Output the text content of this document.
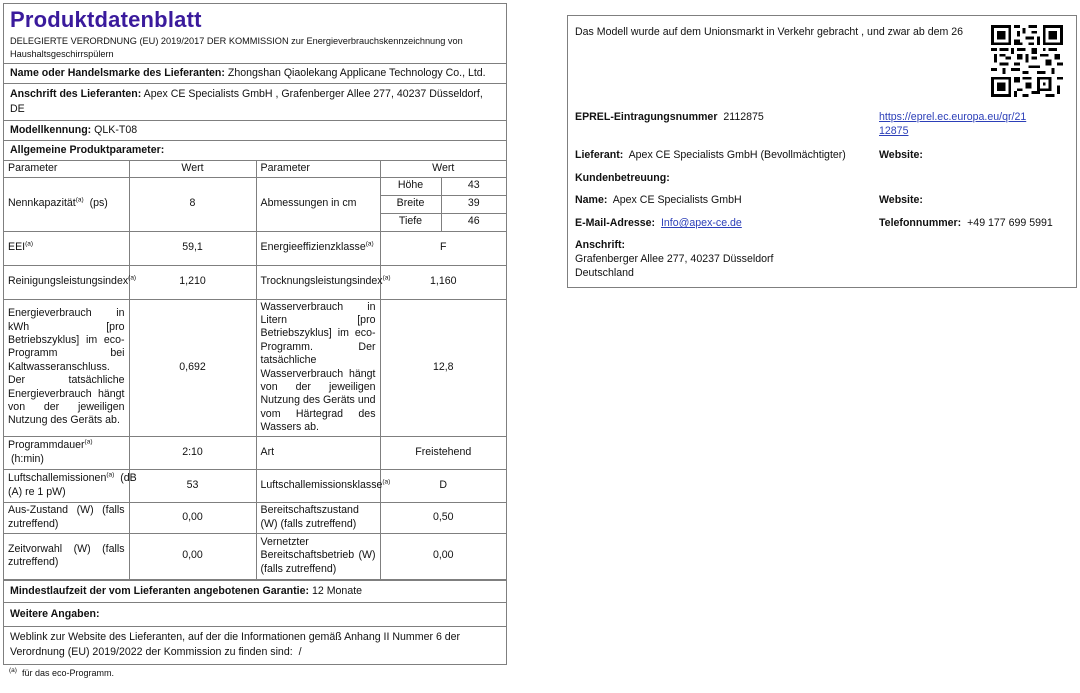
Produktdatenblatt
DELEGIERTE VERORDNUNG (EU) 2019/2017 DER KOMMISSION zur Energieverbrauchskennzeichnung von Haushaltsgeschirrspülern
Name oder Handelsmarke des Lieferanten: Zhongshan Qiaolekang Applicane Technology Co., Ltd.
Anschrift des Lieferanten: Apex CE Specialists GmbH , Grafenberger Allee 277, 40237 Düsseldorf, DE
Modellkennung: QLK-T08
Allgemeine Produktparameter:
Parameter	Wert	Parameter	Wert	
Nennkapazität$^{(a)}$ (ps)	8	Abmessungen in cm	Höhe	43
			Breite	39
			Tiefe	46
EEI$^{(a)}$	59,1	Energieeffizienzklasse$^{(a)}$	F	
Reinigungsleistungsindex$^{(a)}$	1,210	Trocknungsleistungsindex$^{(a)}$	1,160	
Energieverbrauch in kWh [pro Betriebszyklus] im eco-Programm bei Kaltwasseranschluss. Der tatsächliche Energieverbrauch hängt von der jeweiligen Nutzung des Geräts ab.	0,692	Wasserverbrauch in Litern [pro Betriebszyklus] im eco-Programm. Der tatsächliche Wasserverbrauch hängt von der jeweiligen Nutzung des Geräts und vom Härtegrad des Wassers ab.	12,8	
Programmdauer$^{(a)}$
(h:min)	2:10	Art	Freistehend	
Luftschallemissionen$^{(a)}$ (dB (A) re 1 pW)	53	Luftschallemissionsklasse$^{(a)}$	D	
Aus-Zustand (W) (falls zutreffend)	0,00	Bereitschaftszustand (W) (falls zutreffend)	0,50	
Zeitvorwahl (W) (falls zutreffend)	0,00	Vernetzter Bereitschaftsbetrieb (W) (falls zutreffend)	0,00	
Mindestlaufzeit der vom Lieferanten angebotenen Garantie: 12 Monate
Weitere Angaben:
Weblink zur Website des Lieferanten, auf der die Informationen gemäß Anhang II Nummer 6 der Verordnung (EU) 2019/2022 der Kommission zu finden sind: /
$^{(a)}$ für das eco-Programm.
Das Modell wurde auf dem Unionsmarkt in Verkehr gebracht , und zwar ab dem 26
EPREL-Eintragungsnummer 2112875	https://eprel.ec.europa.eu/qr/21
12875
Lieferant: Apex CE Specialists GmbH (Bevollmächtigter)	Website:
Kundenbetreuung:
Name: Apex CE Specialists GmbH	Website:
E-Mail-Adresse: Info@apex-ce.de	Telefonnummer: +49 177 699 5991
Anschrift:
Grafenberger Allee 277, 40237 Düsseldorf
Deutschland
